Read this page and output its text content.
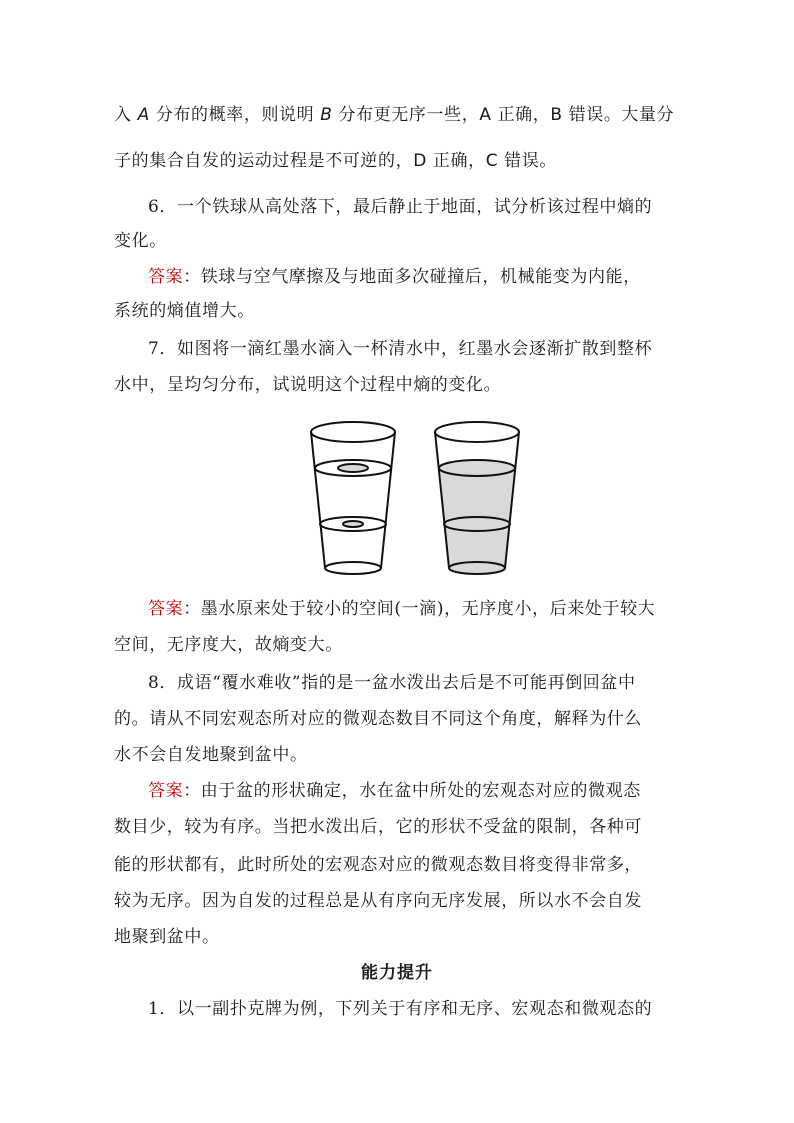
入 A 分布的概率，则说明 B 分布更无序一些，A 正确，B 错误。大量分
子的集合自发的运动过程是不可逆的，D 正确，C 错误。
6．一个铁球从高处落下，最后静止于地面，试分析该过程中熵的
变化。
答案：铁球与空气摩擦及与地面多次碰撞后，机械能变为内能，
系统的熵值增大。
7．如图将一滴红墨水滴入一杯清水中，红墨水会逐渐扩散到整杯
水中，呈均匀分布，试说明这个过程中熵的变化。
答案：墨水原来处于较小的空间(一滴)，无序度小，后来处于较大
空间，无序度大，故熵变大。
8．成语“覆水难收”指的是一盆水泼出去后是不可能再倒回盆中
的。请从不同宏观态所对应的微观态数目不同这个角度，解释为什么
水不会自发地聚到盆中。
答案：由于盆的形状确定，水在盆中所处的宏观态对应的微观态
数目少，较为有序。当把水泼出后，它的形状不受盆的限制，各种可
能的形状都有，此时所处的宏观态对应的微观态数目将变得非常多，
较为无序。因为自发的过程总是从有序向无序发展，所以水不会自发
地聚到盆中。
能力提升
1．以一副扑克牌为例，下列关于有序和无序、宏观态和微观态的
